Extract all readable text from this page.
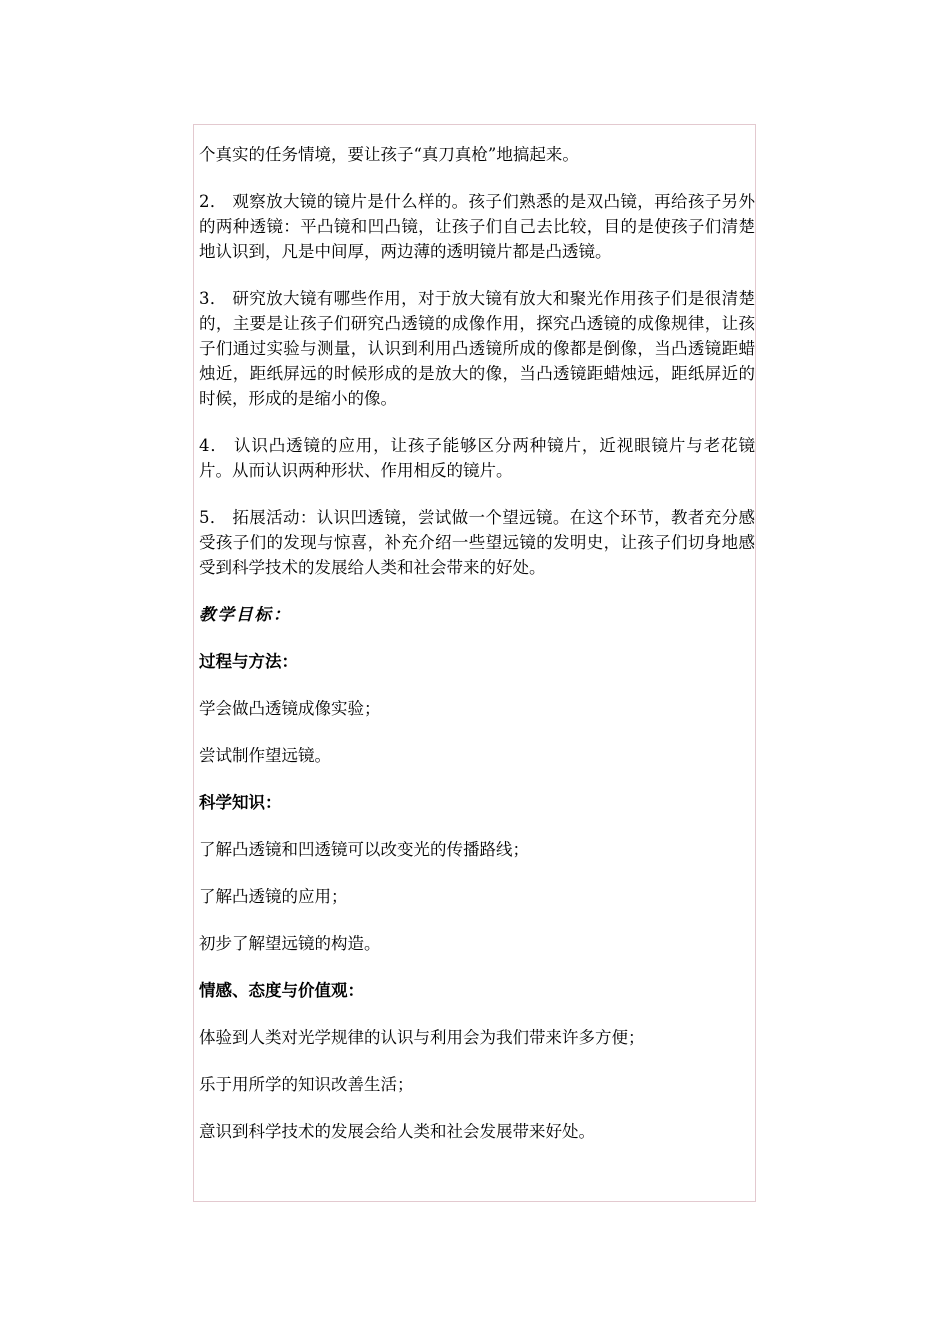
个真实的任务情境，要让孩子“真刀真枪”地搞起来。

2． 观察放大镜的镜片是什么样的。孩子们熟悉的是双凸镜，再给孩子另外的两种透镜：平凸镜和凹凸镜，让孩子们自己去比较，目的是使孩子们清楚地认识到，凡是中间厚，两边薄的透明镜片都是凸透镜。

3． 研究放大镜有哪些作用，对于放大镜有放大和聚光作用孩子们是很清楚的，主要是让孩子们研究凸透镜的成像作用，探究凸透镜的成像规律，让孩子们通过实验与测量，认识到利用凸透镜所成的像都是倒像，当凸透镜距蜡烛近，距纸屏远的时候形成的是放大的像，当凸透镜距蜡烛远，距纸屏近的时候，形成的是缩小的像。

4． 认识凸透镜的应用，让孩子能够区分两种镜片，近视眼镜片与老花镜片。从而认识两种形状、作用相反的镜片。

5． 拓展活动：认识凹透镜，尝试做一个望远镜。在这个环节，教者充分感受孩子们的发现与惊喜，补充介绍一些望远镜的发明史，让孩子们切身地感受到科学技术的发展给人类和社会带来的好处。

教学目标：

过程与方法：

学会做凸透镜成像实验；

尝试制作望远镜。

科学知识：

了解凸透镜和凹透镜可以改变光的传播路线；

了解凸透镜的应用；

初步了解望远镜的构造。

情感、态度与价值观：

体验到人类对光学规律的认识与利用会为我们带来许多方便；

乐于用所学的知识改善生活；

意识到科学技术的发展会给人类和社会发展带来好处。
